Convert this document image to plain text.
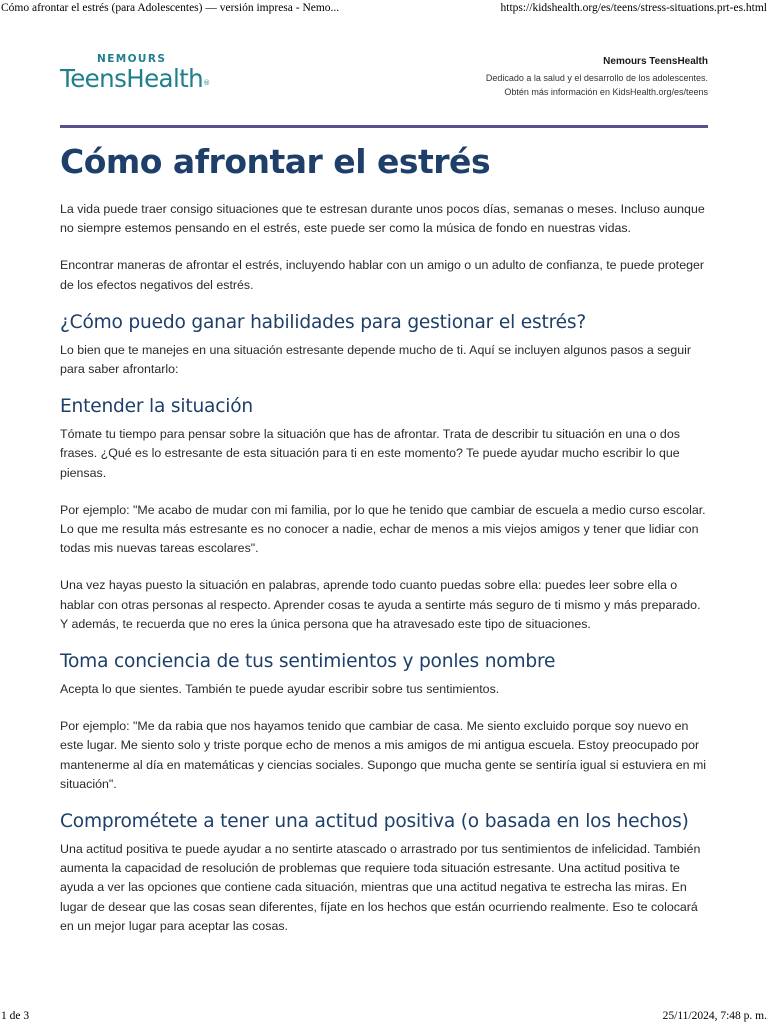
Cómo afrontar el estrés (para Adolescentes) — versión impresa - Nemo...	https://kidshealth.org/es/teens/stress-situations.prt-es.html
NEMOURS
TeensHealth®
Nemours TeensHealth
Dedicado a la salud y el desarrollo de los adolescentes.
Obtén más información en KidsHealth.org/es/teens
Cómo afrontar el estrés

La vida puede traer consigo situaciones que te estresan durante unos pocos días, semanas o meses. Incluso aunque no siempre estemos pensando en el estrés, este puede ser como la música de fondo en nuestras vidas.

Encontrar maneras de afrontar el estrés, incluyendo hablar con un amigo o un adulto de confianza, te puede proteger de los efectos negativos del estrés.

¿Cómo puedo ganar habilidades para gestionar el estrés?

Lo bien que te manejes en una situación estresante depende mucho de ti. Aquí se incluyen algunos pasos a seguir para saber afrontarlo:

Entender la situación

Tómate tu tiempo para pensar sobre la situación que has de afrontar. Trata de describir tu situación en una o dos frases. ¿Qué es lo estresante de esta situación para ti en este momento? Te puede ayudar mucho escribir lo que piensas.

Por ejemplo: "Me acabo de mudar con mi familia, por lo que he tenido que cambiar de escuela a medio curso escolar. Lo que me resulta más estresante es no conocer a nadie, echar de menos a mis viejos amigos y tener que lidiar con todas mis nuevas tareas escolares".

Una vez hayas puesto la situación en palabras, aprende todo cuanto puedas sobre ella: puedes leer sobre ella o hablar con otras personas al respecto. Aprender cosas te ayuda a sentirte más seguro de ti mismo y más preparado. Y además, te recuerda que no eres la única persona que ha atravesado este tipo de situaciones.

Toma conciencia de tus sentimientos y ponles nombre

Acepta lo que sientes. También te puede ayudar escribir sobre tus sentimientos.

Por ejemplo: "Me da rabia que nos hayamos tenido que cambiar de casa. Me siento excluido porque soy nuevo en este lugar. Me siento solo y triste porque echo de menos a mis amigos de mi antigua escuela. Estoy preocupado por mantenerme al día en matemáticas y ciencias sociales. Supongo que mucha gente se sentiría igual si estuviera en mi situación".

Comprométete a tener una actitud positiva (o basada en los hechos)

Una actitud positiva te puede ayudar a no sentirte atascado o arrastrado por tus sentimientos de infelicidad. También aumenta la capacidad de resolución de problemas que requiere toda situación estresante. Una actitud positiva te ayuda a ver las opciones que contiene cada situación, mientras que una actitud negativa te estrecha las miras. En lugar de desear que las cosas sean diferentes, fíjate en los hechos que están ocurriendo realmente. Eso te colocará en un mejor lugar para aceptar las cosas.

1 de 3	25/11/2024, 7:48 p. m.
